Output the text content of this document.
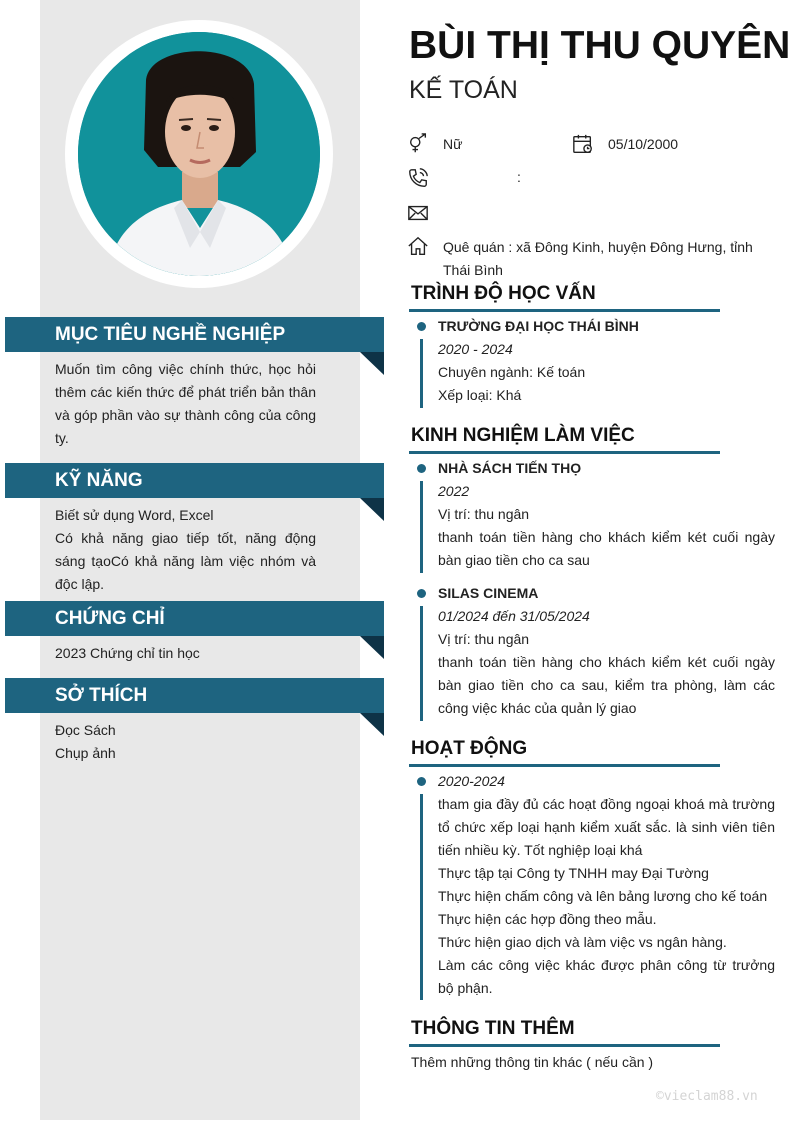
MỤC TIÊU NGHỀ NGHIỆP
Muốn tìm công việc chính thức, học hỏi thêm các kiến thức để phát triển bản thân và góp phần vào sự thành công của công ty.
KỸ NĂNG
Biết sử dụng Word, Excel
Có khả năng giao tiếp tốt, năng động sáng tạoCó khả năng làm việc nhóm và độc lập.
CHỨNG CHỈ
2023 Chứng chỉ tin học
SỞ THÍCH
Đọc Sách
Chụp ảnh
BÙI THỊ THU QUYÊN
KẾ TOÁN
Nữ	05/10/2000
:
Quê quán : xã Đông Kinh, huyện Đông Hưng, tỉnh Thái Bình
TRÌNH ĐỘ HỌC VẤN
TRƯỜNG ĐẠI HỌC THÁI BÌNH
2020 - 2024
Chuyên ngành: Kế toán
Xếp loại: Khá
KINH NGHIỆM LÀM VIỆC
NHÀ SÁCH TIẾN THỌ
2022
Vị trí: thu ngân
thanh toán tiền hàng cho khách kiểm két cuối ngày bàn giao tiền cho ca sau
SILAS CINEMA
01/2024 đến 31/05/2024
Vị trí: thu ngân
thanh toán tiền hàng cho khách kiểm két cuối ngày bàn giao tiền cho ca sau, kiểm tra phòng, làm các công việc khác của quản lý giao
HOẠT ĐỘNG
2020-2024
tham gia đầy đủ các hoạt đồng ngoại khoá mà trường tổ chức xếp loại hạnh kiểm xuất sắc. là sinh viên tiên tiến nhiều kỳ. Tốt nghiệp loại khá
Thực tập tại Công ty TNHH may Đại Tường
Thực hiện chấm công và lên bảng lương cho kế toán
Thực hiện các hợp đồng theo mẫu.
Thức hiện giao dịch và làm việc vs ngân hàng.
Làm các công việc khác được phân công từ trưởng bộ phận.
THÔNG TIN THÊM
Thêm những thông tin khác ( nếu cần )
©vieclam88.vn
